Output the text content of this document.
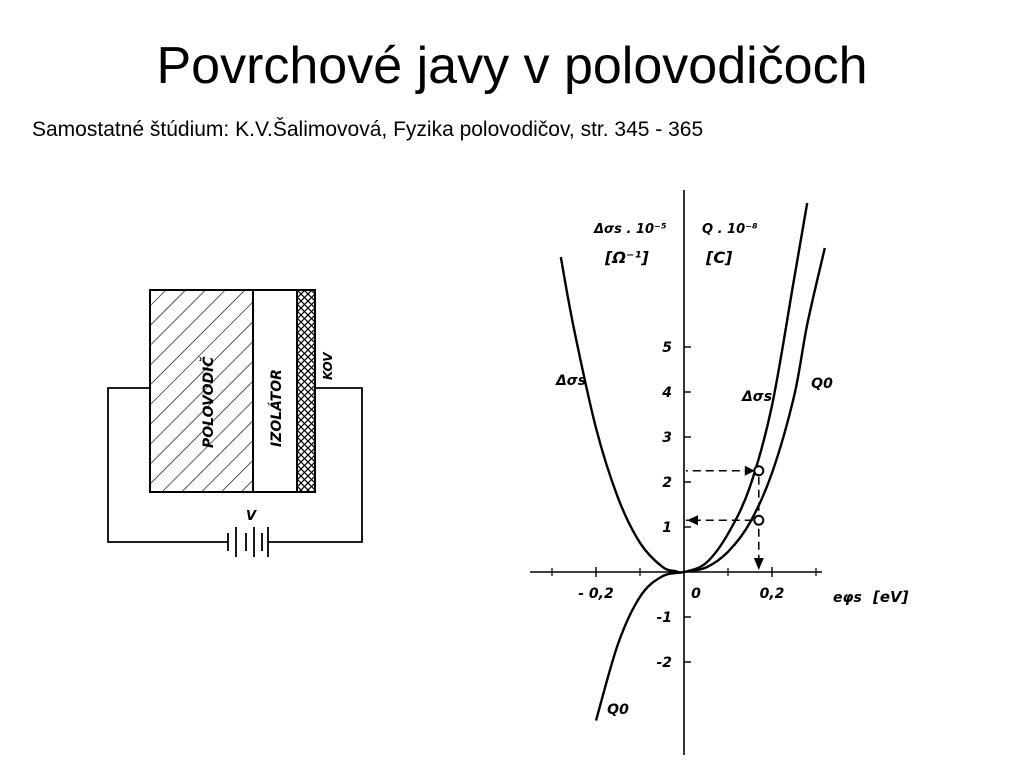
Povrchové javy v polovodičoch

Samostatné štúdium: K.V.Šalimovová, Fyzika polovodičov, str. 345 - 365

POLOVODIČ	IZOLÁTOR
KOV
V
- 0,2	0	0,2
5
4
3
2
1
-1
-2
Δσs . 10⁻⁵
[Ω⁻¹]
Q . 10⁻⁸
[C]
eφs [eV]
Δσs
Δσs
Q0
Q0
